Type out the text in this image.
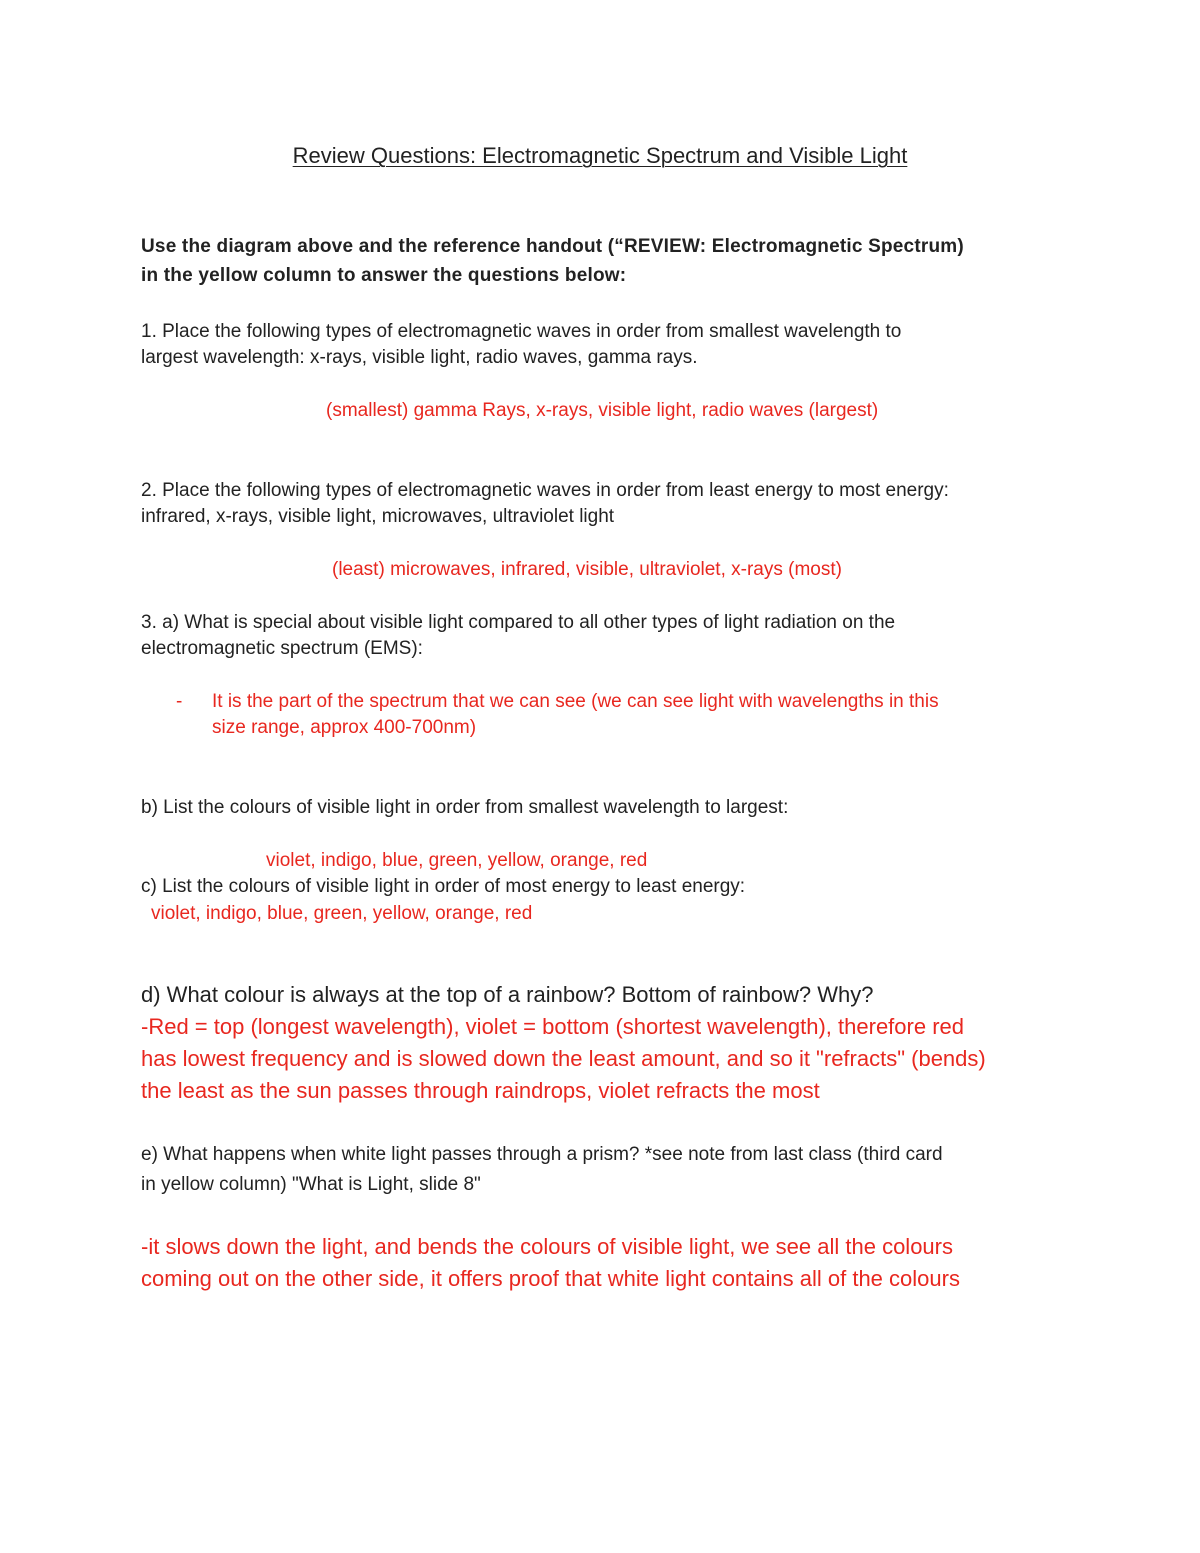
Review Questions: Electromagnetic Spectrum and Visible Light
Use the diagram above and the reference handout (“REVIEW: Electromagnetic Spectrum)
in the yellow column to answer the questions below:
1. Place the following types of electromagnetic waves in order from smallest wavelength to
largest wavelength: x-rays, visible light, radio waves, gamma rays.
(smallest) gamma Rays, x-rays, visible light, radio waves (largest)
2. Place the following types of electromagnetic waves in order from least energy to most energy:
infrared, x-rays, visible light, microwaves, ultraviolet light
(least) microwaves, infrared, visible, ultraviolet, x-rays (most)
3. a) What is special about visible light compared to all other types of light radiation on the
electromagnetic spectrum (EMS):
- It is the part of the spectrum that we can see (we can see light with wavelengths in this
size range, approx 400-700nm)
b) List the colours of visible light in order from smallest wavelength to largest:
violet, indigo, blue, green, yellow, orange, red
c) List the colours of visible light in order of most energy to least energy:
violet, indigo, blue, green, yellow, orange, red
d) What colour is always at the top of a rainbow? Bottom of rainbow? Why?
-Red = top (longest wavelength), violet = bottom (shortest wavelength), therefore red
has lowest frequency and is slowed down the least amount, and so it "refracts" (bends)
the least as the sun passes through raindrops, violet refracts the most
e) What happens when white light passes through a prism? *see note from last class (third card
in yellow column) "What is Light, slide 8"
-it slows down the light, and bends the colours of visible light, we see all the colours
coming out on the other side, it offers proof that white light contains all of the colours
